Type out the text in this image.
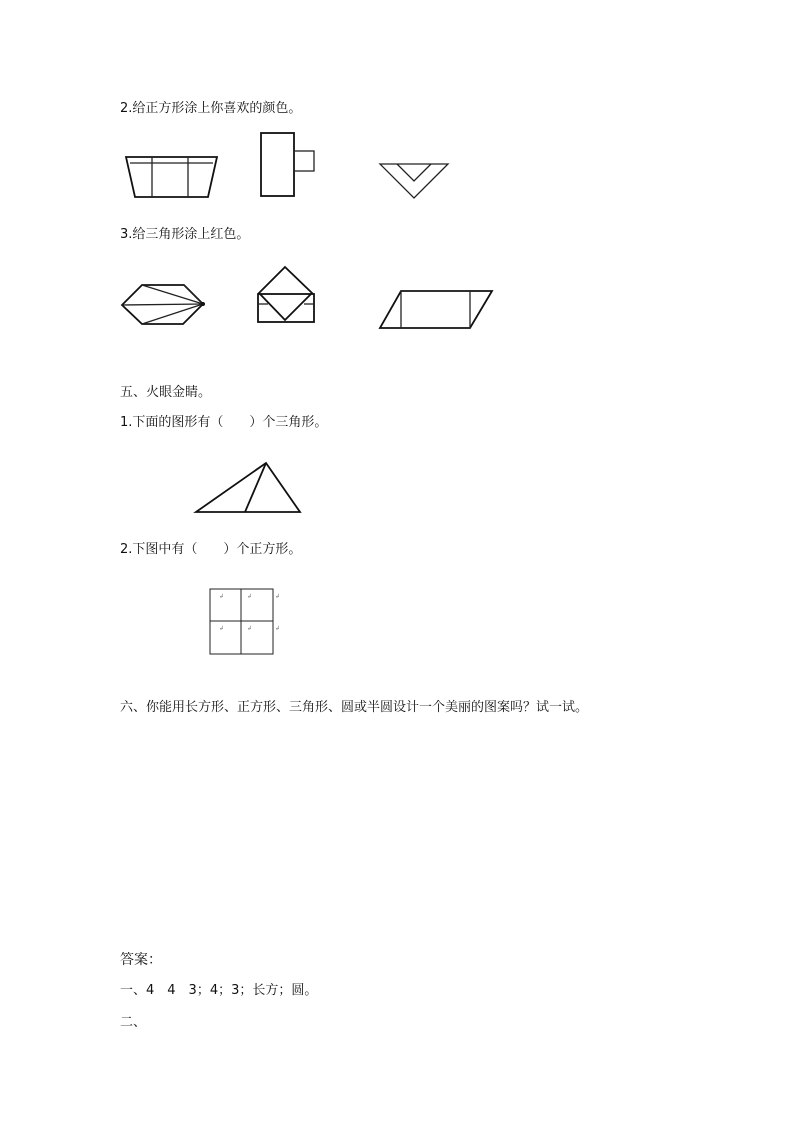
2.给正方形涂上你喜欢的颜色。
3.给三角形涂上红色。
五、火眼金睛。
1.下面的图形有（　　）个三角形。
2.下图中有（　　）个正方形。
↲	↲	↲
↲	↲	↲
六、你能用长方形、正方形、三角形、圆或半圆设计一个美丽的图案吗？试一试。
答案：
一、4　4　3；4；3；长方；圆。
二、
